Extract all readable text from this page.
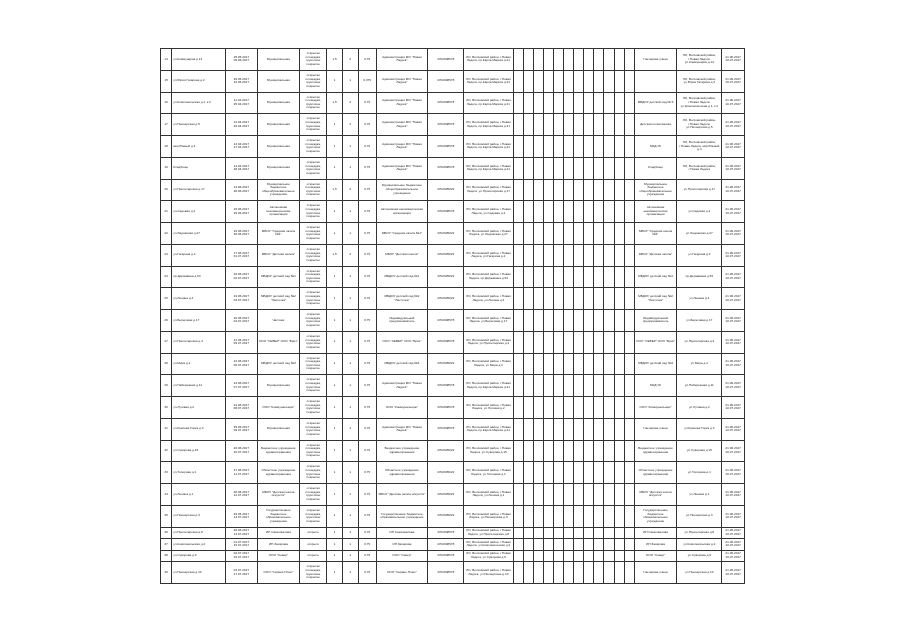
14	ул.Коммунаров д.14	25.05.2017 09.06.2017	Муниципальная	открытая площадка, грунтовое покрытие	1,5	2	0,75	Администрация МО "Новая Ладога"	4702008578	ЛО, Волховский район, г.Новая Ладога, пр.Карла Маркса д.21													Гончарова улица	ЛО, Волховский район, г.Новая Ладога, ул.Коммунаров д.14	21.06.2017 10.07.2017
15	ул.Юрия Гагарина д.2	26.05.2017 16.06.2017	Муниципальная	открытая площадка, грунтовое покрытие	1	1	0,375	Администрация МО "Новая Ладога"	4702008578	ЛО, Волховский район, г.Новая Ладога, пр.Карла Маркса д.21														ЛО, Волховский район, ул.Юрия Гагарина д.2	21.06.2017 10.07.2017
16	ул.Комсомольская д.1, к.2	11.04.2017 25.04.2017	Муниципальная	открытая площадка, грунтовое покрытие	1,5	2	0,75	Администрация МО "Новая Ладога"	4702008578	ЛО, Волховский район, г.Новая Ладога, пр.Карла Маркса д.21													МБДОУ детский сад № 5	ЛО, Волховский район, г.Новая Ладога, ул.Комсомольская д.1, к.2	21.06.2017 10.07.2017
17	ул.Пионерская д.5	12.04.2017 26.04.2017	Муниципальная	открытая площадка, грунтовое покрытие	1	2	0,75	Администрация МО "Новая Ладога"	4702008578	ЛО, Волховский район, г.Новая Ладога, пр.Карла Маркса д.21													Детская поликлиника	ЛО, Волховский район, г.Новая Ладога, ул.Пионерская д.5	21.06.2017 10.07.2017
18	мкр.Южный д.4	13.04.2017 27.04.2017	Муниципальная	открытая площадка, грунтовое покрытие	1	1	0,75	Администрация МО "Новая Ладога"	4702008578	ЛО, Волховский район, г.Новая Ладога, пр.Карла Маркса д.21													МКД УК	ЛО, Волховский район, г.Новая Ладога, мкр.Южный д.4	21.06.2017 10.07.2017
19	Кладбище	14.04.2017 28.04.2017	Муниципальная	открытая площадка, грунтовое покрытие	1	1	0,75	Администрация МО "Новая Ладога"	4702008578	ЛО, Волховский район, г.Новая Ладога, пр.Карла Маркса д.21													Кладбище	ЛО, Волховский район, г.Новая Ладога	21.06.2017 10.07.2017
20	ул.Пролетарская д.17	14.06.2017 28.06.2017	Муниципальное бюджетное общеобразовательное учреждение	открытая площадка, грунтовое покрытие	1,5	2	0,75	Муниципальное бюджетное общеобразовательное учреждение	4702005022	ЛО, Волховский район, г.Новая Ладога, ул.Пролетарская д.17													Муниципальное бюджетное общеобразовательное учреждение	ул.Пролетарская д.17	21.06.2017 10.07.2017
21	ул.Садовая д.4	15.06.2017 29.06.2017	Автономная некоммерческая организация	открытая площадка, грунтовое покрытие	1	1	0,75	Автономная некоммерческая организация	4702008578	ЛО, Волховский район, г.Новая Ладога, ул.Садовая д.4													Автономная некоммерческая организация	ул.Садовая д.4	21.06.2017 10.07.2017
22	ул.Ладожская д.27	16.06.2017 30.06.2017	МБОУ "Средняя школа №1"	открытая площадка, грунтовое покрытие	1	1	0,75	МБОУ "Средняя школа №1"	4702005022	ЛО, Волховский район, г.Новая Ладога, ул.Ладожская д.27													МБОУ "Средняя школа №1"	ул.Ладожская д.27	21.06.2017 10.07.2017
23	ул.Гагарина д.2	17.06.2017 01.07.2017	МБОУ "Детская школа"	открытая площадка, грунтовое покрытие	1,5	2	0,75	МБОУ "Детская школа"	4702005022	ЛО, Волховский район, г.Новая Ладога, ул.Гагарина д.2													МБОУ "Детская школа"	ул.Гагарина д.2	21.06.2017 10.07.2017
24	пр.Державина д.54	18.06.2017 02.07.2017	МБДОУ детский сад №1	открытая площадка, грунтовое покрытие	1	1	0,75	МБДОУ детский сад №1	4702005022	ЛО, Волховский район, г.Новая Ладога, пр.Державина д.54													МБДОУ детский сад №1	пр.Державина д.54	21.06.2017 10.07.2017
25	ул.Ленина д.4	19.06.2017 03.07.2017	МБДОУ детский сад №2 "Ласточка"	открытая площадка, грунтовое покрытие	1	1	0,75	МБДОУ детский сад №2 "Ласточка"	4702005022	ЛО, Волховский район, г.Новая Ладога, ул.Ленина д.4													МБДОУ детский сад №2 "Ласточка"	ул.Ленина д.4	21.06.2017 10.07.2017
26	ул.Береговая д.17	20.06.2017 04.07.2017	Частная	открытая площадка, грунтовое покрытие	1	1	0,75	Индивидуальный предприниматель	4702008578	ЛО, Волховский район, г.Новая Ладога, ул.Береговая д.17													Индивидуальный предприниматель	ул.Береговая д.17	21.06.2017 10.07.2017
27	ул.Пролетарская д.4	21.06.2017 05.07.2017	ООО "СЕВЕР" ООО "Бриз"	открытая площадка, грунтовое покрытие	1	1	0,75	ООО "СЕВЕР" ООО "Бриз"	4702008578	ЛО, Волховский район, г.Новая Ладога, ул.Пролетарская д.4													ООО "СЕВЕР" ООО "Бриз"	ул.Пролетарская д.4	21.06.2017 10.07.2017
28	ул.Мира д.2	22.06.2017 06.07.2017	МБДОУ детский сад №3	открытая площадка, грунтовое покрытие	1	1	0,75	МБДОУ детский сад №3	4702005022	ЛО, Волховский район, г.Новая Ладога, ул.Мира д.2													МБДОУ детский сад №3	ул.Мира д.2	21.06.2017 10.07.2017
29	ул.Набережная д.11	23.06.2017 07.07.2017	Муниципальная	открытая площадка, грунтовое покрытие	1	1	0,75	Администрация МО "Новая Ладога"	4702008578	ЛО, Волховский район, г.Новая Ладога, пр.Карла Маркса д.21													МКД УК	ул.Набережная д.11	21.06.2017 10.07.2017
30	ул.Луговая д.2	24.06.2017 08.07.2017	ООО "Коммунальщик"	открытая площадка, грунтовое покрытие	1	1	0,75	ООО "Коммунальщик"	4702008578	ЛО, Волховский район, г.Новая Ладога, ул.Луговая д.2													ООО "Коммунальщик"	ул.Луговая д.2	21.06.2017 10.07.2017
31	ул.Красная Горка д.3	25.06.2017 09.07.2017	Муниципальная	открытая площадка, грунтовое покрытие	1	1	0,75	Администрация МО "Новая Ладога"	4702008578	ЛО, Волховский район, г.Новая Ладога, пр.Карла Маркса д.21													Гончарова улица	ул.Красная Горка д.3	21.06.2017 10.07.2017
32	ул.Суворова д.15	26.06.2017 10.07.2017	Бюджетное учреждение здравоохранения	открытая площадка, грунтовое покрытие	1	1	0,75	Бюджетное учреждение здравоохранения	4702005022	ЛО, Волховский район, г.Новая Ладога, ул.Суворова д.15													Бюджетное учреждение здравоохранения	ул.Суворова д.15	21.06.2017 10.07.2017
33	ул.Топорова д.1	27.06.2017 11.07.2017	Областное учреждение здравоохранения	открытая площадка, грунтовое покрытие	1	1	0,75	Областное учреждение здравоохранения	4702005022	ЛО, Волховский район, г.Новая Ладога, ул.Топорова д.1													Областное учреждение здравоохранения	ул.Топорова д.1	21.06.2017 10.07.2017
34	ул.Ленина д.1	28.06.2017 12.07.2017	МБОУ "Детская школа искусств"	открытая площадка, грунтовое покрытие	1	1	0,75	МБОУ "Детская школа искусств"	4702005022	ЛО, Волховский район, г.Новая Ладога, ул.Ленина д.1													МБОУ "Детская школа искусств"	ул.Ленина д.1	21.06.2017 10.07.2017
35	ул.Пионерская д.3	29.06.2017 13.07.2017	Государственное бюджетное образовательное учреждение	открытая площадка, грунтовое покрытие	1	1	0,75	Государственное бюджетное образовательное учреждение	4702005022	ЛО, Волховский район, г.Новая Ладога, ул.Пионерская д.3													Государственное бюджетное образовательное учреждение	ул.Пионерская д.3	21.06.2017 10.07.2017
36	ул.Пролетарская д.8	30.06.2017 14.07.2017	ИП Самохвалова	открыто	1	1	0,75	ИП Самохвалова	4702008578	ЛО, Волховский район, г.Новая Ладога, ул.Пролетарская д.8													ИП Самохвалова	ул.Пролетарская д.8	21.06.2017 10.07.2017
37	ул.Комсомольская д.2	01.07.2017 15.07.2017	ИП Захарова	открыто	1	1	0,75	ИП Захарова	4702008578	ЛО, Волховский район, г.Новая Ладога, ул.Комсомольская д.2													ИП Захарова	ул.Комсомольская д.2	21.06.2017 10.07.2017
38	ул.Суворова д.9	02.07.2017 16.07.2017	ООО "Север"	открыто	1	1	0,75	ООО "Север"	4702008578	ЛО, Волховский район, г.Новая Ладога, ул.Суворова д.9													ООО "Север"	ул.Суворова д.9	21.06.2017 10.07.2017
39	ул.Пионерская д.10	03.07.2017 17.07.2017	ООО "Сервис-Плюс"	открытая площадка, грунтовое покрытие	1	1	0,75	ООО "Сервис-Плюс"	4702008578	ЛО, Волховский район, г.Новая Ладога, ул.Пионерская д.10													Гончарова улица	ул.Пионерская д.10	21.06.2017 10.07.2017
